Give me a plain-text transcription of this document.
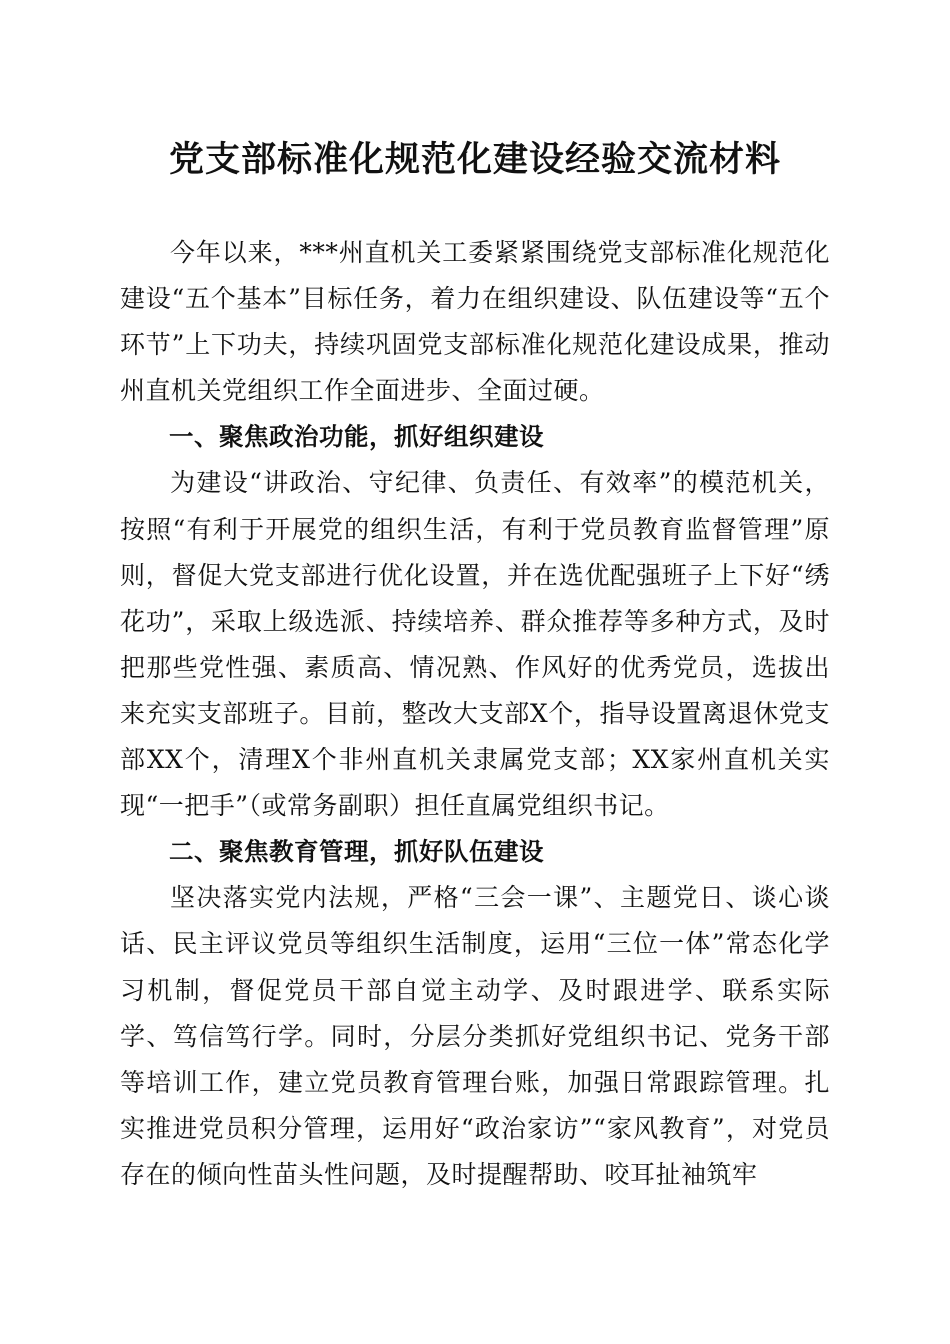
党支部标准化规范化建设经验交流材料

今年以来，***州直机关工委紧紧围绕党支部标准化规范化建设“五个基本”目标任务，着力在组织建设、队伍建设等“五个环节”上下功夫，持续巩固党支部标准化规范化建设成果，推动州直机关党组织工作全面进步、全面过硬。

一、聚焦政治功能，抓好组织建设

为建设“讲政治、守纪律、负责任、有效率”的模范机关，按照“有利于开展党的组织生活，有利于党员教育监督管理”原则，督促大党支部进行优化设置，并在选优配强班子上下好“绣花功”，采取上级选派、持续培养、群众推荐等多种方式，及时把那些党性强、素质高、情况熟、作风好的优秀党员，选拔出来充实支部班子。目前，整改大支部X个，指导设置离退休党支部XX个，清理X个非州直机关隶属党支部；XX家州直机关实现“一把手”（或常务副职）担任直属党组织书记。

二、聚焦教育管理，抓好队伍建设

坚决落实党内法规，严格“三会一课”、主题党日、谈心谈话、民主评议党员等组织生活制度，运用“三位一体”常态化学习机制，督促党员干部自觉主动学、及时跟进学、联系实际学、笃信笃行学。同时，分层分类抓好党组织书记、党务干部等培训工作，建立党员教育管理台账，加强日常跟踪管理。扎实推进党员积分管理，运用好“政治家访”“家风教育”，对党员存在的倾向性苗头性问题，及时提醒帮助、咬耳扯袖筑牢
